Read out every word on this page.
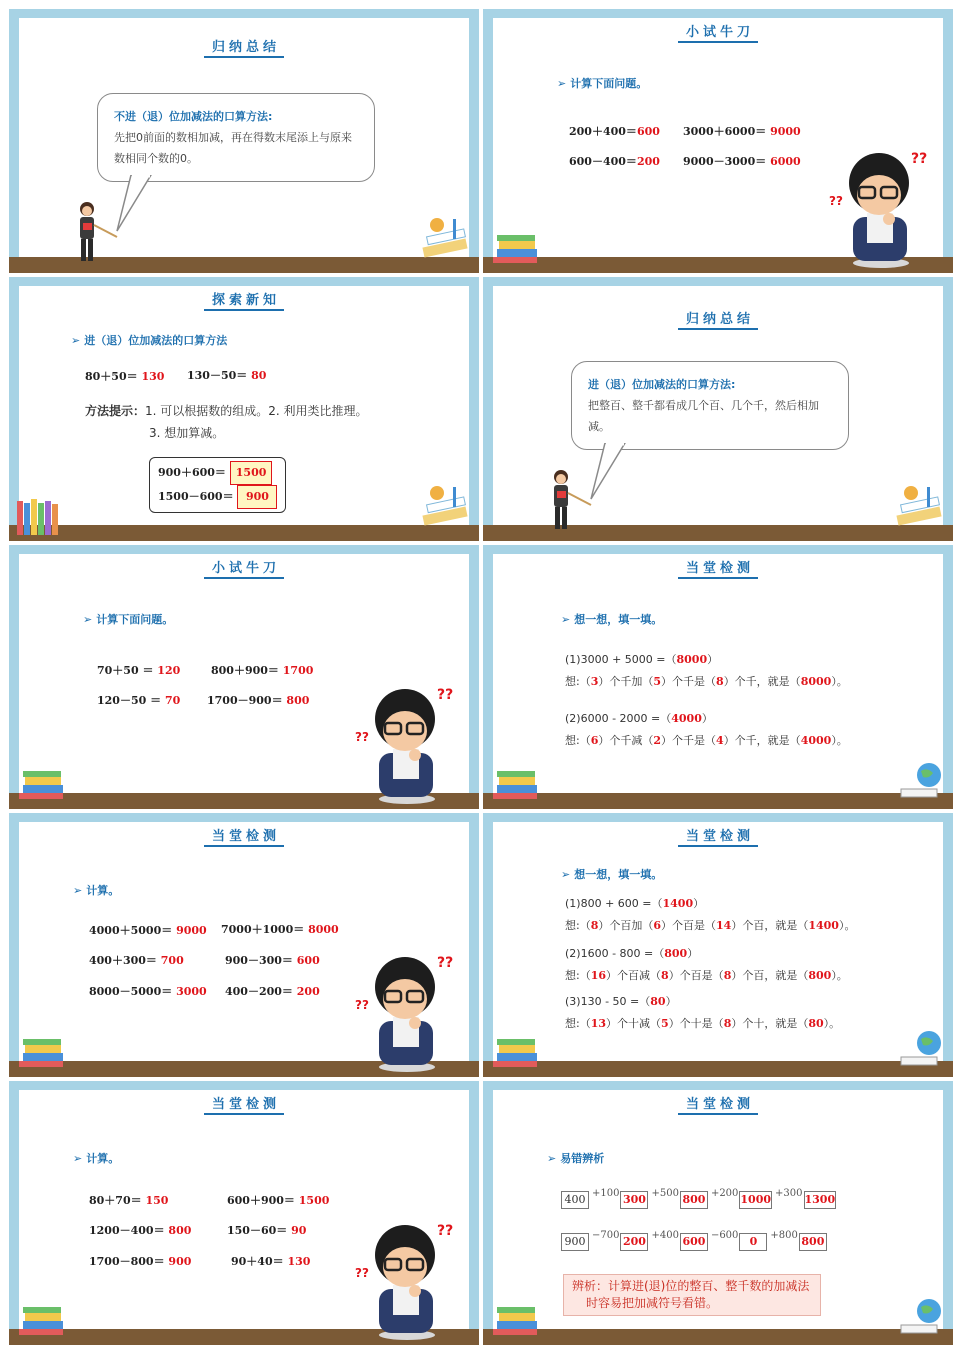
归纳总结
不进（退）位加减法的口算方法:
先把0前面的数相加减，再在得数末尾添上与原来数相同个数的0。
小试牛刀
➢ 计算下面问题。
200＋400＝600 3000＋6000＝ 9000
600－400＝200 9000－3000＝ 6000	??
??
探索新知
➢ 进（退）位加减法的口算方法
80＋50＝ 130 130－50＝ 80
方法提示：1. 可以根据数的组成。2. 利用类比推理。
3. 想加算减。
900＋600＝ 1500
1500－600＝ 900
归纳总结
进（退）位加减法的口算方法:
把整百、整千都看成几个百、几个千，然后相加减。
小试牛刀
➢ 计算下面问题。
70＋50 ＝ 120	800＋900＝ 1700
120－50 ＝ 70 1700－900＝ 800	??
??
当堂检测
➢ 想一想，填一填。
(1)3000 + 5000 =（8000）
想:（3）个千加（5）个千是（8）个千，就是（8000）。
(2)6000 - 2000 =（4000）
想:（6）个千减（2）个千是（4）个千，就是（4000）。
当堂检测
➢ 计算。
4000＋5000＝ 9000 7000＋1000＝ 8000
400＋300＝ 700	900－300＝ 600
8000－5000＝ 3000 400－200＝ 200
??
??
当堂检测
➢ 想一想，填一填。
(1)800 + 600 =（1400）
想:（8）个百加（6）个百是（14）个百，就是（1400）。
(2)1600 - 800 =（800）
想:（16）个百减（8）个百是（8）个百，就是（800）。
(3)130 - 50 =（80）
想:（13）个十减（5）个十是（8）个十，就是（80）。
当堂检测
➢ 计算。
80＋70＝ 150	600＋900＝ 1500
1200－400＝ 800	150－60＝ 90
1700－800＝ 900	90＋40＝ 130
??
??
当堂检测
➢ 易错辨析
400 +100 300 +500 800 +200 1000 +300 1300
900 −700 200 +400 600 −600	0	+800 800
辨析：计算进(退)位的整百、整千数的加减法
时容易把加减符号看错。
